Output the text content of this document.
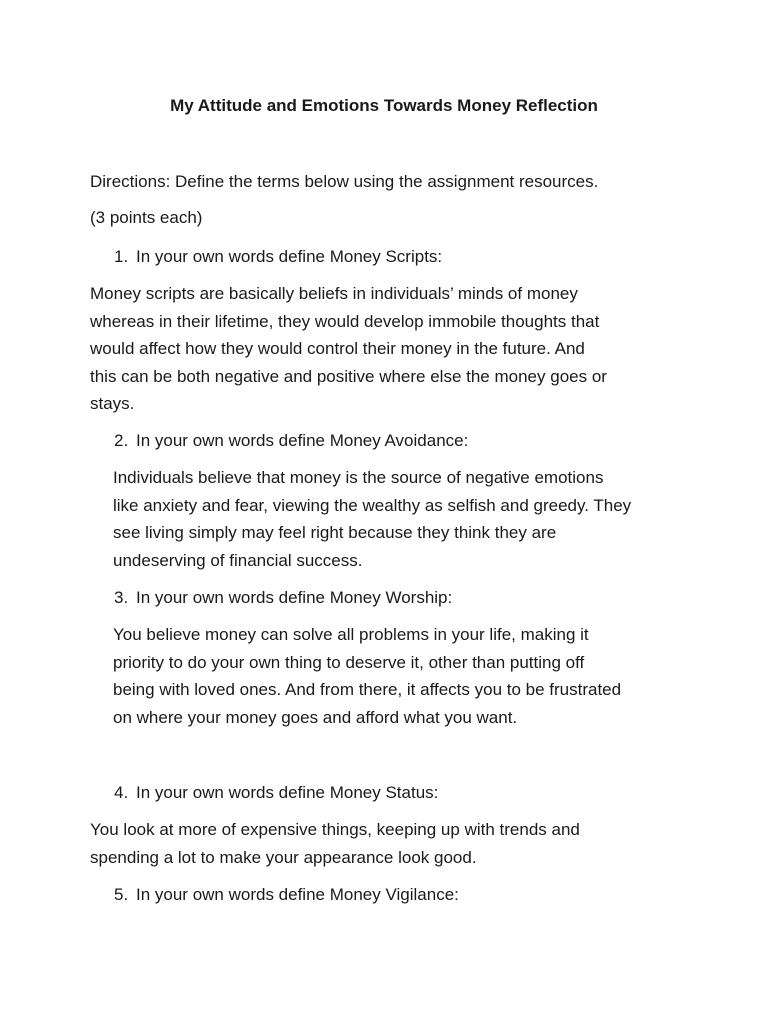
My Attitude and Emotions Towards Money Reflection
Directions: Define the terms below using the assignment resources.
(3 points each)
1. In your own words define Money Scripts:
Money scripts are basically beliefs in individuals’ minds of money
whereas in their lifetime, they would develop immobile thoughts that
would affect how they would control their money in the future. And
this can be both negative and positive where else the money goes or
stays.
2. In your own words define Money Avoidance:
Individuals believe that money is the source of negative emotions
like anxiety and fear, viewing the wealthy as selfish and greedy. They
see living simply may feel right because they think they are
undeserving of financial success.
3. In your own words define Money Worship:
You believe money can solve all problems in your life, making it
priority to do your own thing to deserve it, other than putting off
being with loved ones. And from there, it affects you to be frustrated
on where your money goes and afford what you want.
4. In your own words define Money Status:
You look at more of expensive things, keeping up with trends and
spending a lot to make your appearance look good.
5. In your own words define Money Vigilance:
